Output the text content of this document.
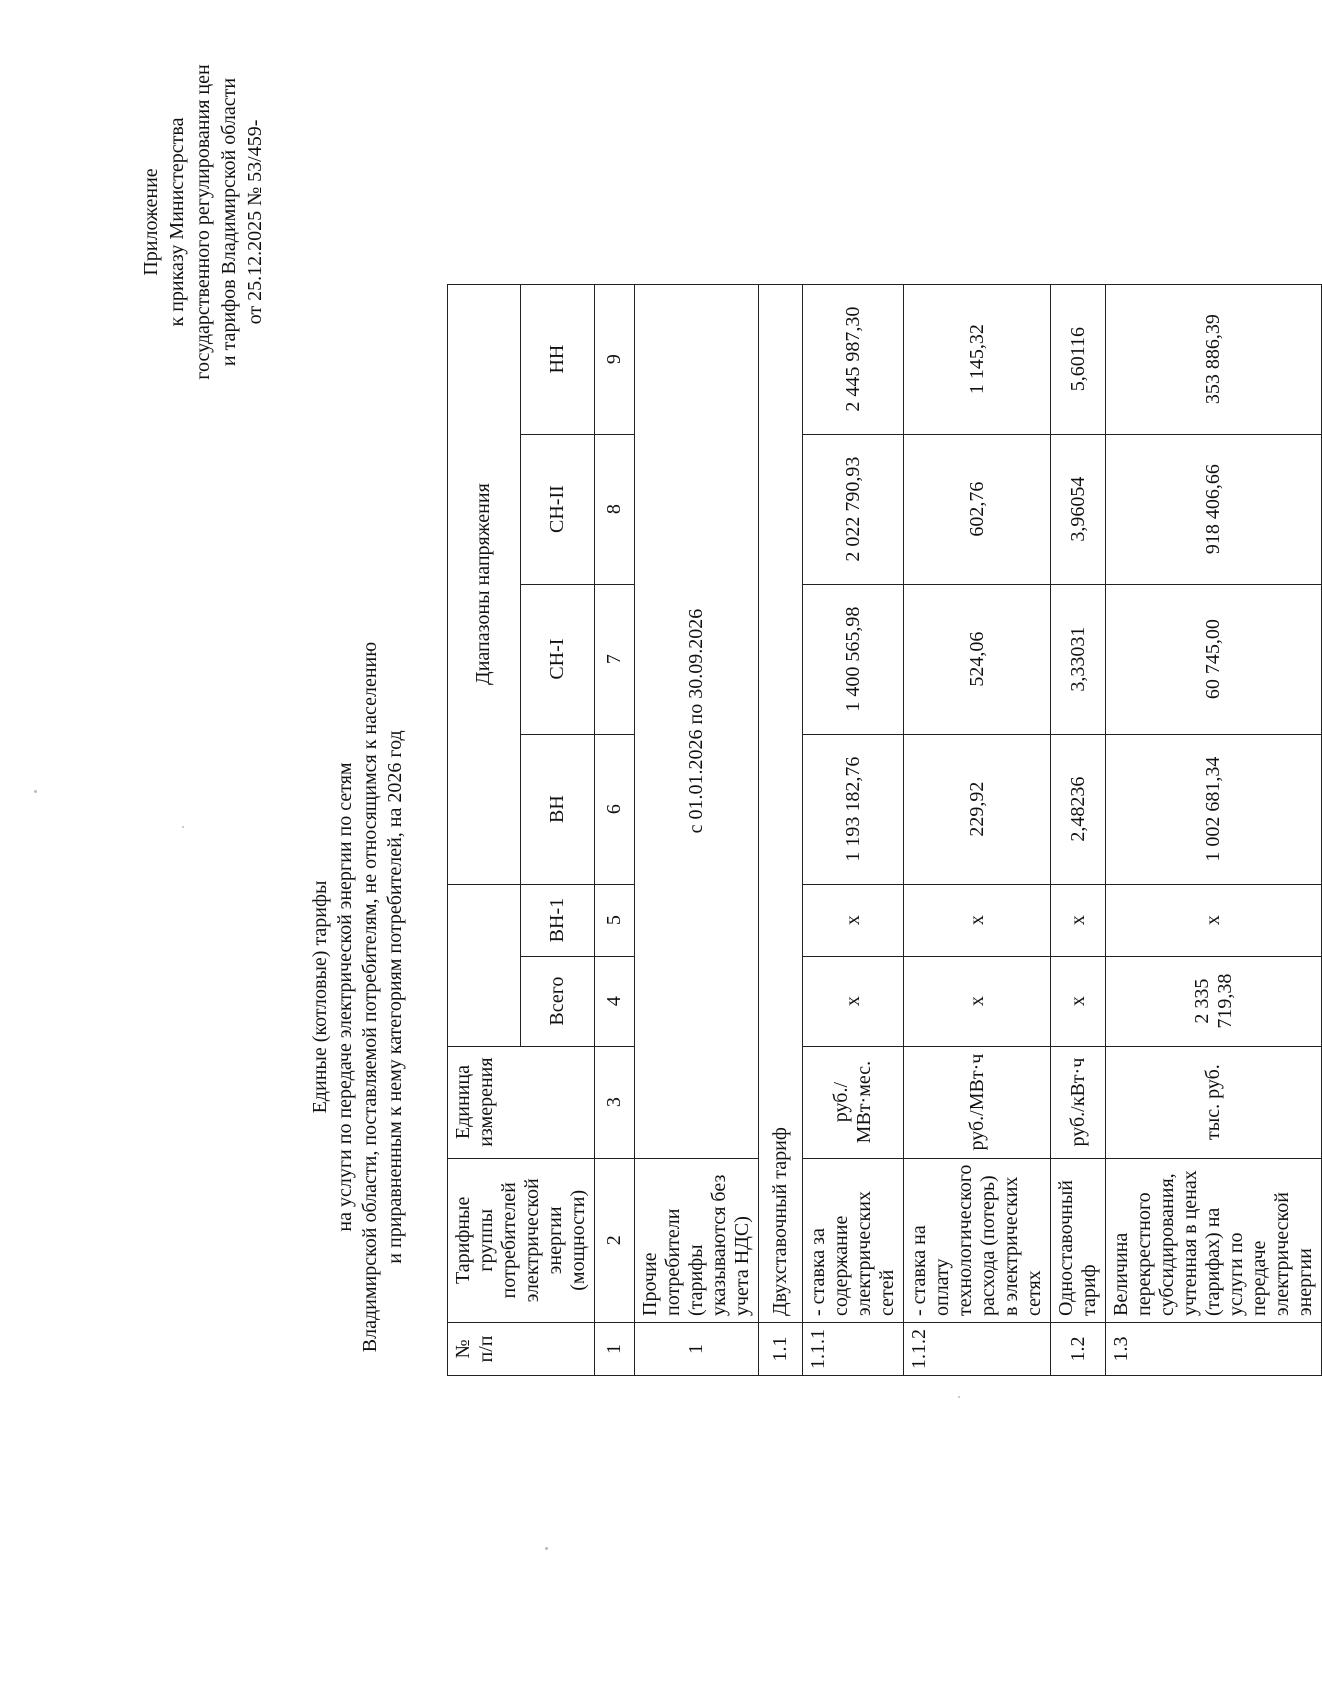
Приложение к приказу Министерства государственного регулирования цен и тарифов Владимирской области от 25.12.2025 № 53/459-
Единые (котловые) тарифы на услуги по передаче электрической энергии по сетям Владимирской области, поставляемой потребителям, не относящимся к населению и приравненным к нему категориям потребителей, на 2026 год
№ п/п	Тарифные группы потребителей электрической энергии (мощности)	Единица измерения			Диапазоны напряжения			
			Всего	ВН-1	ВН	СН-I	СН-II	НН
1	2	3	4	5	6	7	8	9
1	Прочие потребители (тарифы указываются без учета НДС)	с 01.01.2026 по 30.09.2026						
1.1	Двухставочный тариф							
1.1.1	- ставка за содержание электрических сетей	руб./ МВт·мес.	х	х	1 193 182,76	1 400 565,98	2 022 790,93	2 445 987,30
1.1.2	- ставка на оплату технологического расхода (потерь) в электрических сетях	руб./МВт·ч	х	х	229,92	524,06	602,76	1 145,32
1.2	Одноставочный тариф	руб./кВт·ч	х	х	2,48236	3,33031	3,96054	5,60116
1.3	Величина перекрестного субсидирования, учтенная в ценах (тарифах) на услуги по передаче электрической энергии	тыс. руб.	2 335 719,38	х	1 002 681,34	60 745,00	918 406,66	353 886,39
